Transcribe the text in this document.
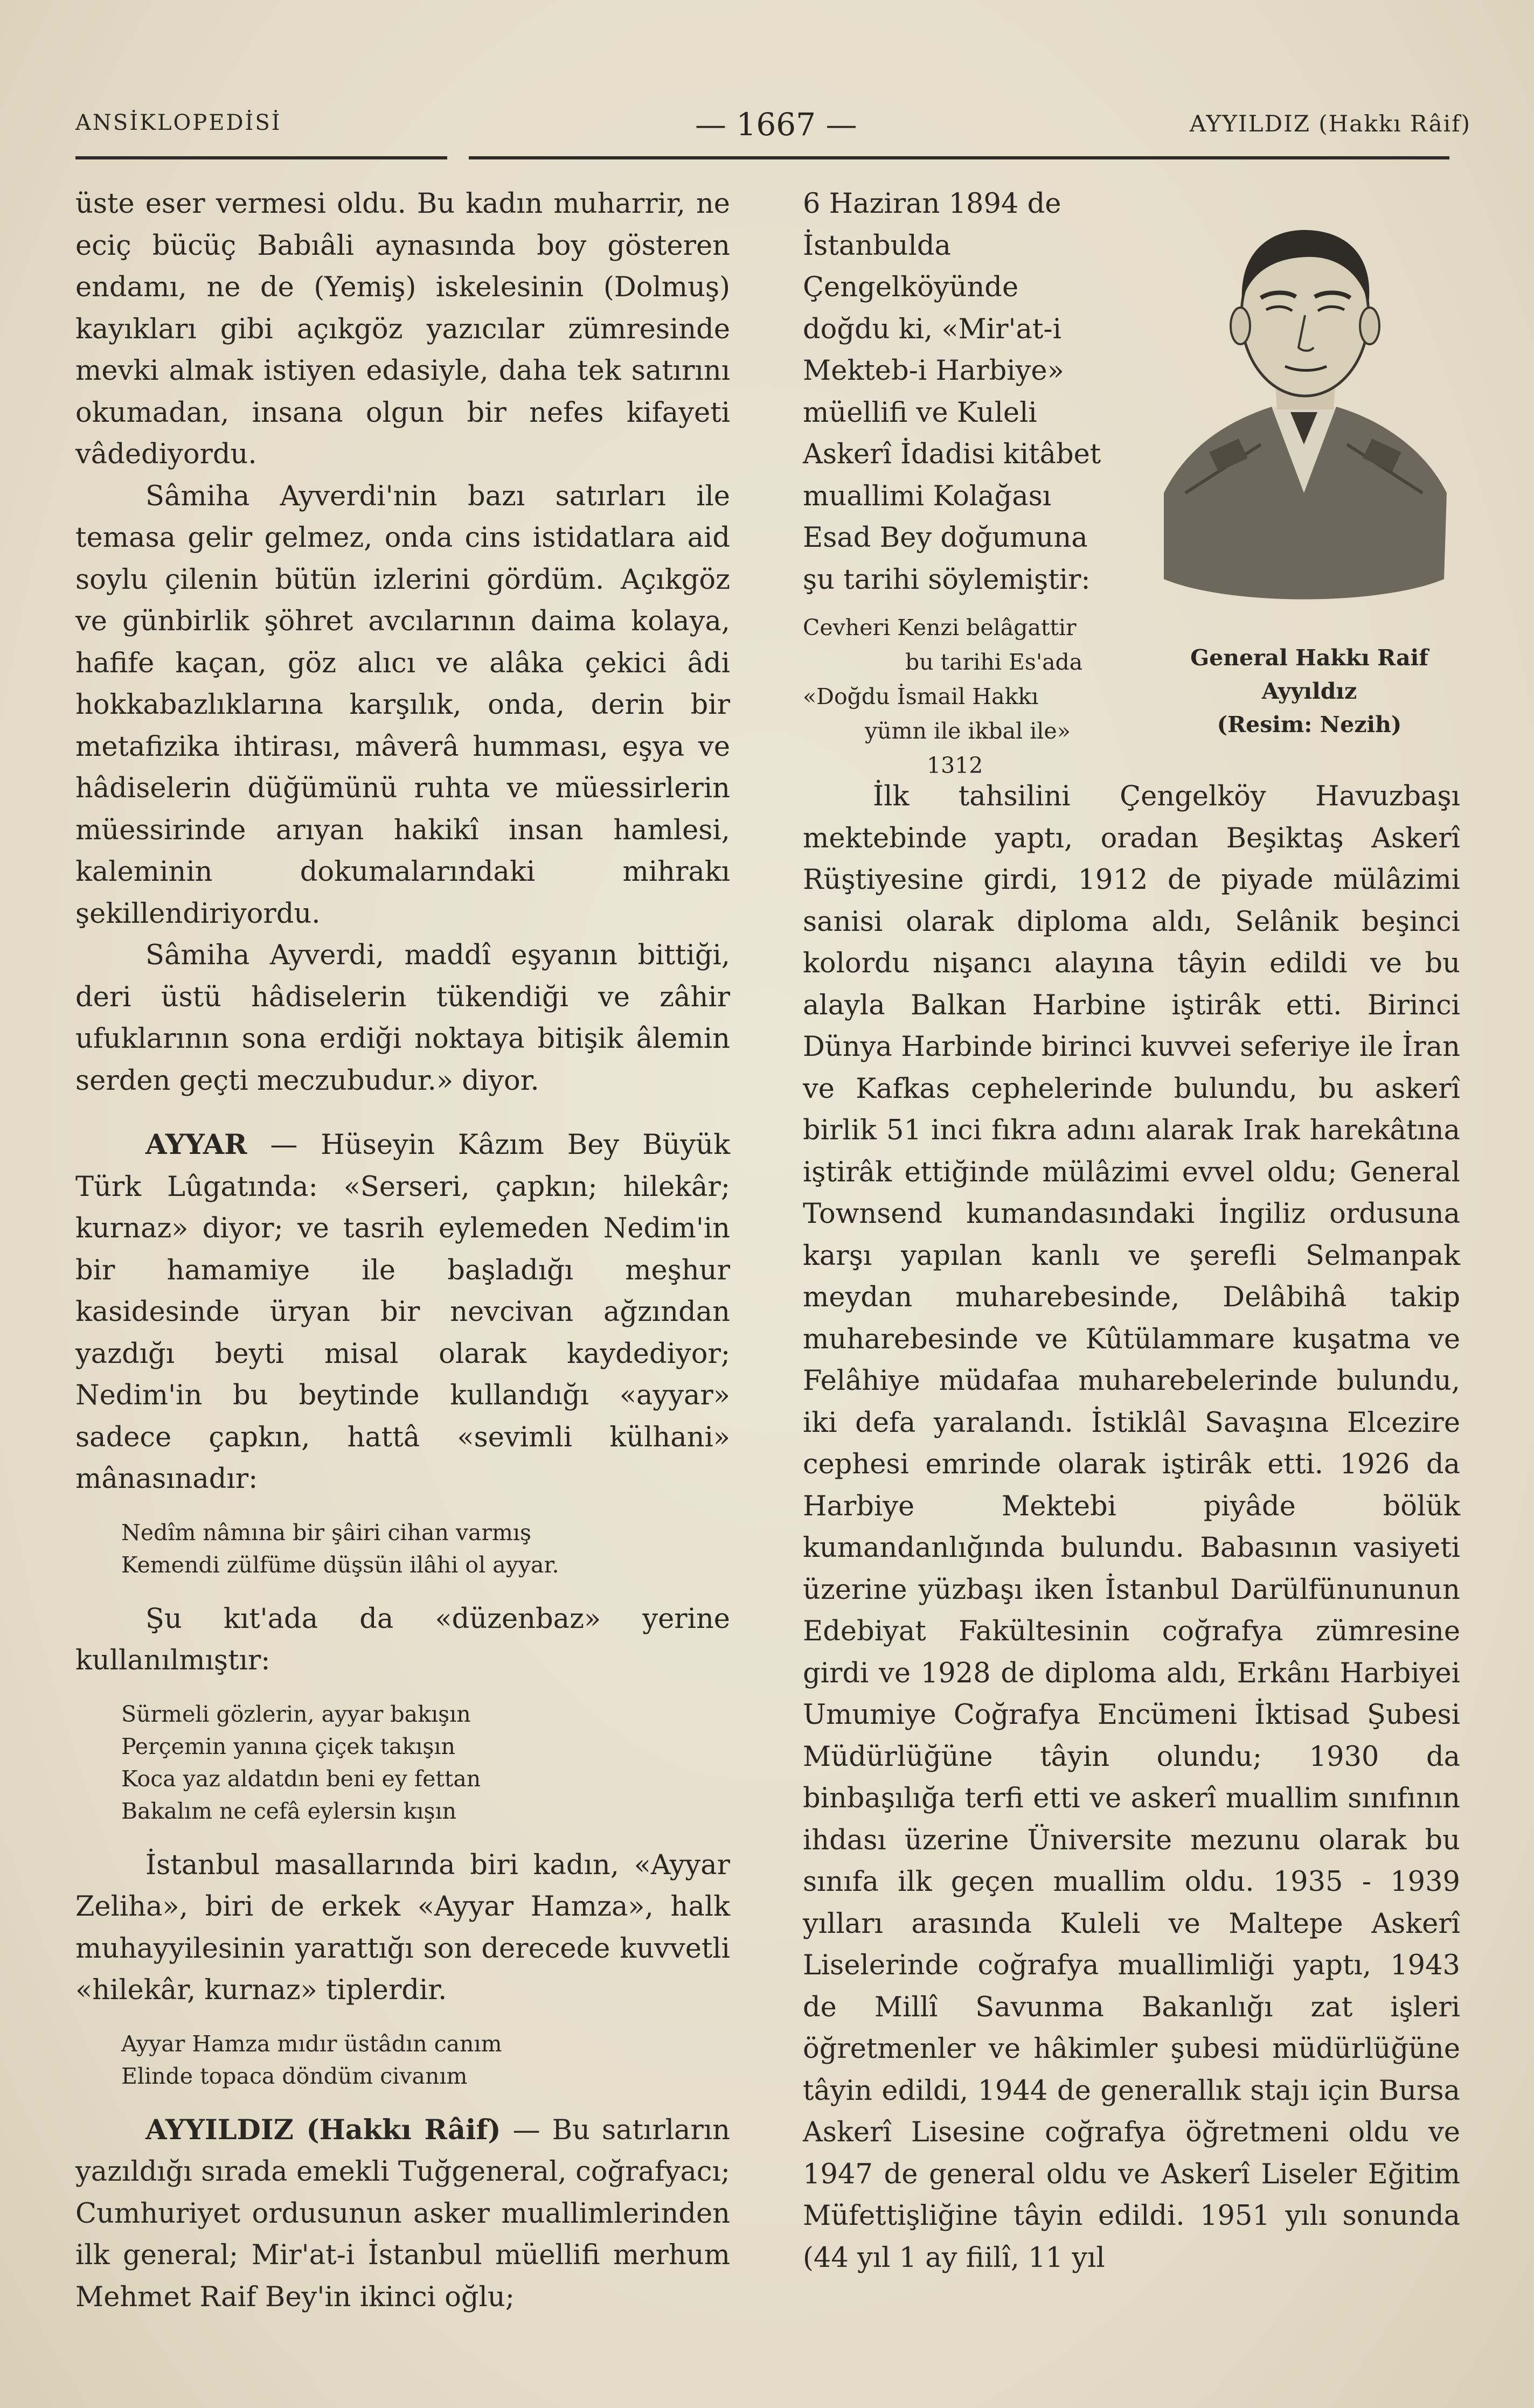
ANSİKLOPEDİSİ	— 1667 —	AYYILDIZ (Hakkı Râif)

üste eser vermesi oldu. Bu kadın muharrir, ne eciç bücüç Babıâli aynasında boy gösteren endamı, ne de (Yemiş) iskelesinin (Dolmuş) kayıkları gibi açıkgöz yazıcılar zümresinde mevki almak istiyen edasiyle, daha tek satırını okumadan, insana olgun bir nefes kifayeti vâdediyordu.

Sâmiha Ayverdi'nin bazı satırları ile temasa gelir gelmez, onda cins istidatlara aid soylu çilenin bütün izlerini gördüm. Açıkgöz ve günbirlik şöhret avcılarının daima kolaya, hafife kaçan, göz alıcı ve alâka çekici âdi hokkabazlıklarına karşılık, onda, derin bir metafizika ihtirası, mâverâ humması, eşya ve hâdiselerin düğümünü ruhta ve müessirlerin müessirinde arıyan hakikî insan hamlesi, kaleminin dokumalarındaki mihrakı şekillendiriyordu.

Sâmiha Ayverdi, maddî eşyanın bittiği, deri üstü hâdiselerin tükendiği ve zâhir ufuklarının sona erdiği noktaya bitişik âlemin serden geçti meczubudur.» diyor.

AYYAR — Hüseyin Kâzım Bey Büyük Türk Lûgatında: «Serseri, çapkın; hilekâr; kurnaz» diyor; ve tasrih eylemeden Nedim'in bir hamamiye ile başladığı meşhur kasidesinde üryan bir nevcivan ağzından yazdığı beyti misal olarak kaydediyor; Nedim'in bu beytinde kullandığı «ayyar» sadece çapkın, hattâ «sevimli külhani» mânasınadır:

Nedîm nâmına bir şâiri cihan varmış
Kemendi zülfüme düşsün ilâhi ol ayyar.

Şu kıt'ada da «düzenbaz» yerine kullanılmıştır:

Sürmeli gözlerin, ayyar bakışın
Perçemin yanına çiçek takışın
Koca yaz aldatdın beni ey fettan
Bakalım ne cefâ eylersin kışın

İstanbul masallarında biri kadın, «Ayyar Zeliha», biri de erkek «Ayyar Hamza», halk muhayyilesinin yarattığı son derecede kuvvetli «hilekâr, kurnaz» tiplerdir.

Ayyar Hamza mıdır üstâdın canım
Elinde topaca döndüm civanım

AYYILDIZ (Hakkı Râif) — Bu satırların yazıldığı sırada emekli Tuğgeneral, coğrafyacı; Cumhuriyet ordusunun asker muallimlerinden ilk general; Mir'at-i İstanbul müellifi merhum Mehmet Raif Bey'in ikinci oğlu;

6 Haziran 1894 de İstanbulda Çengelköyünde doğdu ki, «Mir'at-i Mekteb-i Harbiye» müellifi ve Kuleli Askerî İdadisi kitâbet muallimi Kolağası Esad Bey doğumuna şu tarihi söylemiştir:

Cevheri Kenzi belâgattir
bu tarihi Es'ada
«Doğdu İsmail Hakkı
yümn ile ikbal ile»
1312
General Hakkı Raif
Ayyıldız
(Resim: Nezih)

İlk tahsilini Çengelköy Havuzbaşı mektebinde yaptı, oradan Beşiktaş Askerî Rüştiyesine girdi, 1912 de piyade mülâzimi sanisi olarak diploma aldı, Selânik beşinci kolordu nişancı alayına tâyin edildi ve bu alayla Balkan Harbine iştirâk etti. Birinci Dünya Harbinde birinci kuvvei seferiye ile İran ve Kafkas cephelerinde bulundu, bu askerî birlik 51 inci fıkra adını alarak Irak harekâtına iştirâk ettiğinde mülâzimi evvel oldu; General Townsend kumandasındaki İngiliz ordusuna karşı yapılan kanlı ve şerefli Selmanpak meydan muharebesinde, Delâbihâ takip muharebesinde ve Kûtülammare kuşatma ve Felâhiye müdafaa muharebelerinde bulundu, iki defa yaralandı. İstiklâl Savaşına Elcezire cephesi emrinde olarak iştirâk etti. 1926 da Harbiye Mektebi piyâde bölük kumandanlığında bulundu. Babasının vasiyeti üzerine yüzbaşı iken İstanbul Darülfünununun Edebiyat Fakültesinin coğrafya zümresine girdi ve 1928 de diploma aldı, Erkânı Harbiyei Umumiye Coğrafya Encümeni İktisad Şubesi Müdürlüğüne tâyin olundu; 1930 da binbaşılığa terfi etti ve askerî muallim sınıfının ihdası üzerine Üniversite mezunu olarak bu sınıfa ilk geçen muallim oldu. 1935 - 1939 yılları arasında Kuleli ve Maltepe Askerî Liselerinde coğrafya muallimliği yaptı, 1943 de Millî Savunma Bakanlığı zat işleri öğretmenler ve hâkimler şubesi müdürlüğüne tâyin edildi, 1944 de generallık stajı için Bursa Askerî Lisesine coğrafya öğretmeni oldu ve 1947 de general oldu ve Askerî Liseler Eğitim Müfettişliğine tâyin edildi. 1951 yılı sonunda (44 yıl 1 ay fiilî, 11 yıl
